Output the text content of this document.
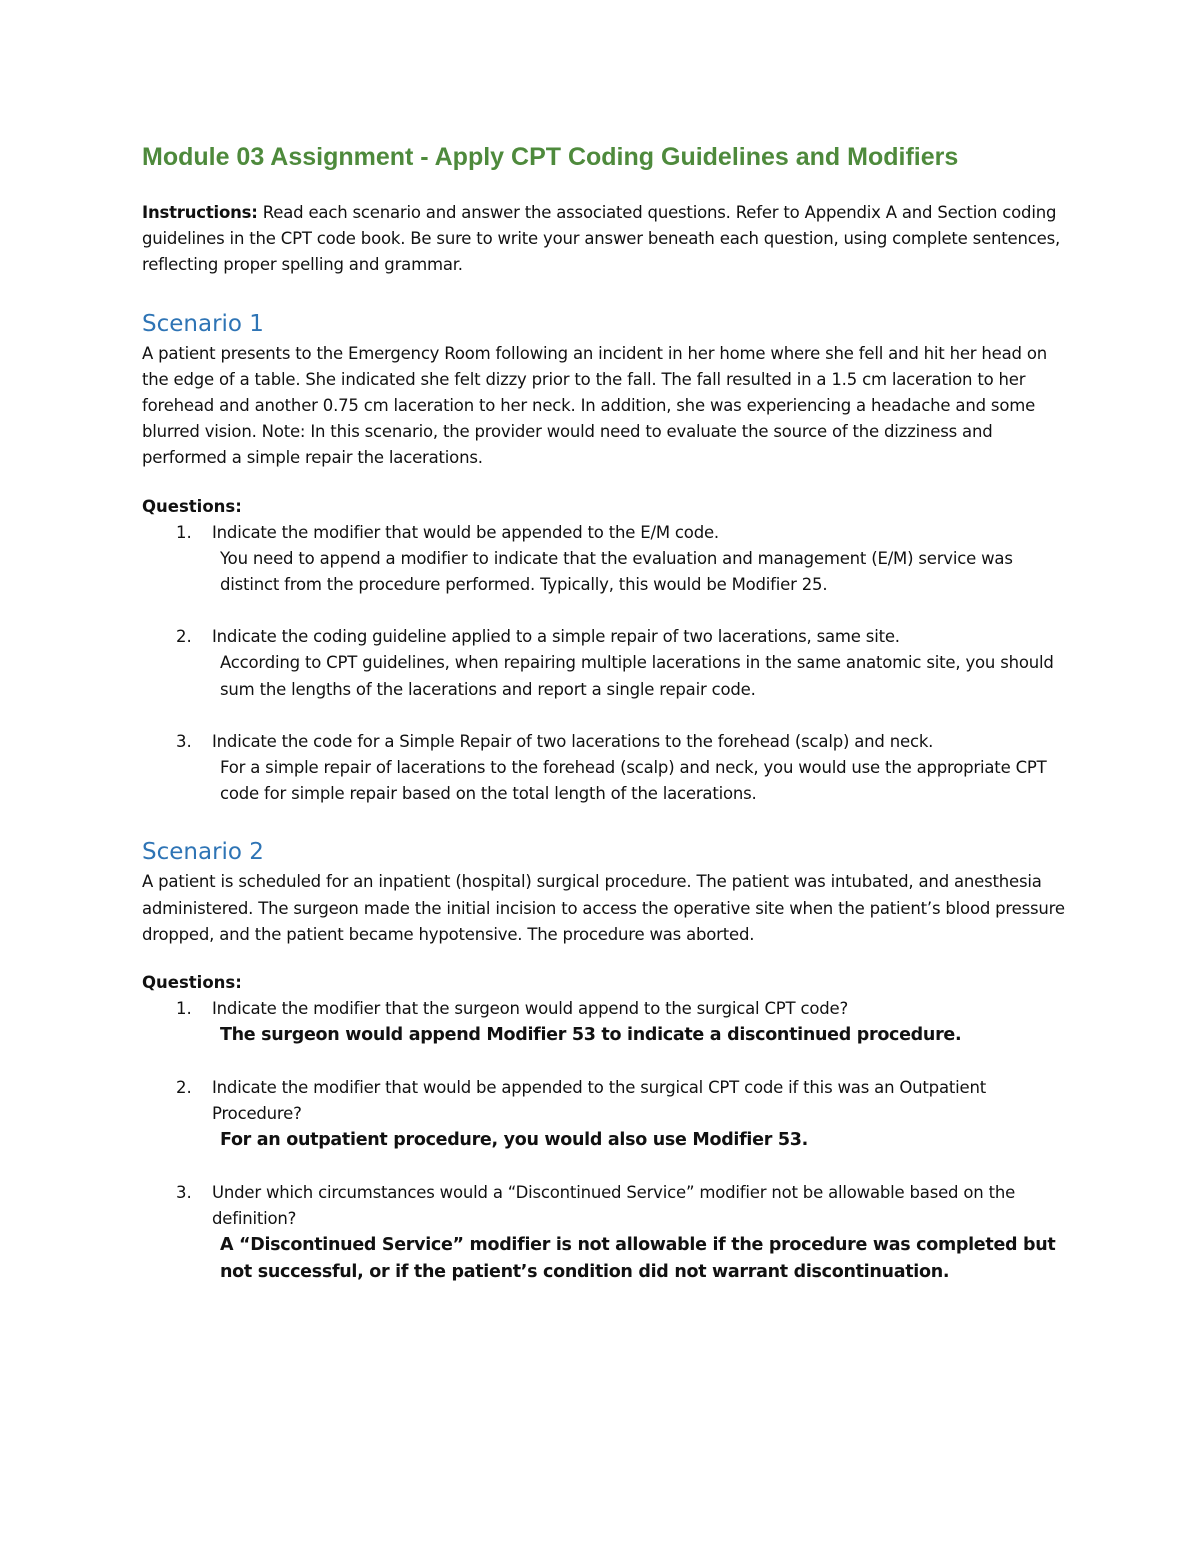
Module 03 Assignment - Apply CPT Coding Guidelines and Modifiers

Instructions: Read each scenario and answer the associated questions. Refer to Appendix A and Section coding guidelines in the CPT code book. Be sure to write your answer beneath each question, using complete sentences, reflecting proper spelling and grammar.

Scenario 1

A patient presents to the Emergency Room following an incident in her home where she fell and hit her head on the edge of a table. She indicated she felt dizzy prior to the fall. The fall resulted in a 1.5 cm laceration to her forehead and another 0.75 cm laceration to her neck. In addition, she was experiencing a headache and some blurred vision. Note: In this scenario, the provider would need to evaluate the source of the dizziness and performed a simple repair the lacerations.

Questions:
1. Indicate the modifier that would be appended to the E/M code.
You need to append a modifier to indicate that the evaluation and management (E/M) service was distinct from the procedure performed. Typically, this would be Modifier 25.
2. Indicate the coding guideline applied to a simple repair of two lacerations, same site.
According to CPT guidelines, when repairing multiple lacerations in the same anatomic site, you should sum the lengths of the lacerations and report a single repair code.
3. Indicate the code for a Simple Repair of two lacerations to the forehead (scalp) and neck.
For a simple repair of lacerations to the forehead (scalp) and neck, you would use the appropriate CPT code for simple repair based on the total length of the lacerations.
Scenario 2

A patient is scheduled for an inpatient (hospital) surgical procedure. The patient was intubated, and anesthesia administered. The surgeon made the initial incision to access the operative site when the patient’s blood pressure dropped, and the patient became hypotensive. The procedure was aborted.

Questions:
1. Indicate the modifier that the surgeon would append to the surgical CPT code?
The surgeon would append Modifier 53 to indicate a discontinued procedure.
2. Indicate the modifier that would be appended to the surgical CPT code if this was an Outpatient Procedure?
For an outpatient procedure, you would also use Modifier 53.
3. Under which circumstances would a “Discontinued Service” modifier not be allowable based on the definition?
A “Discontinued Service” modifier is not allowable if the procedure was completed but not successful, or if the patient’s condition did not warrant discontinuation.
